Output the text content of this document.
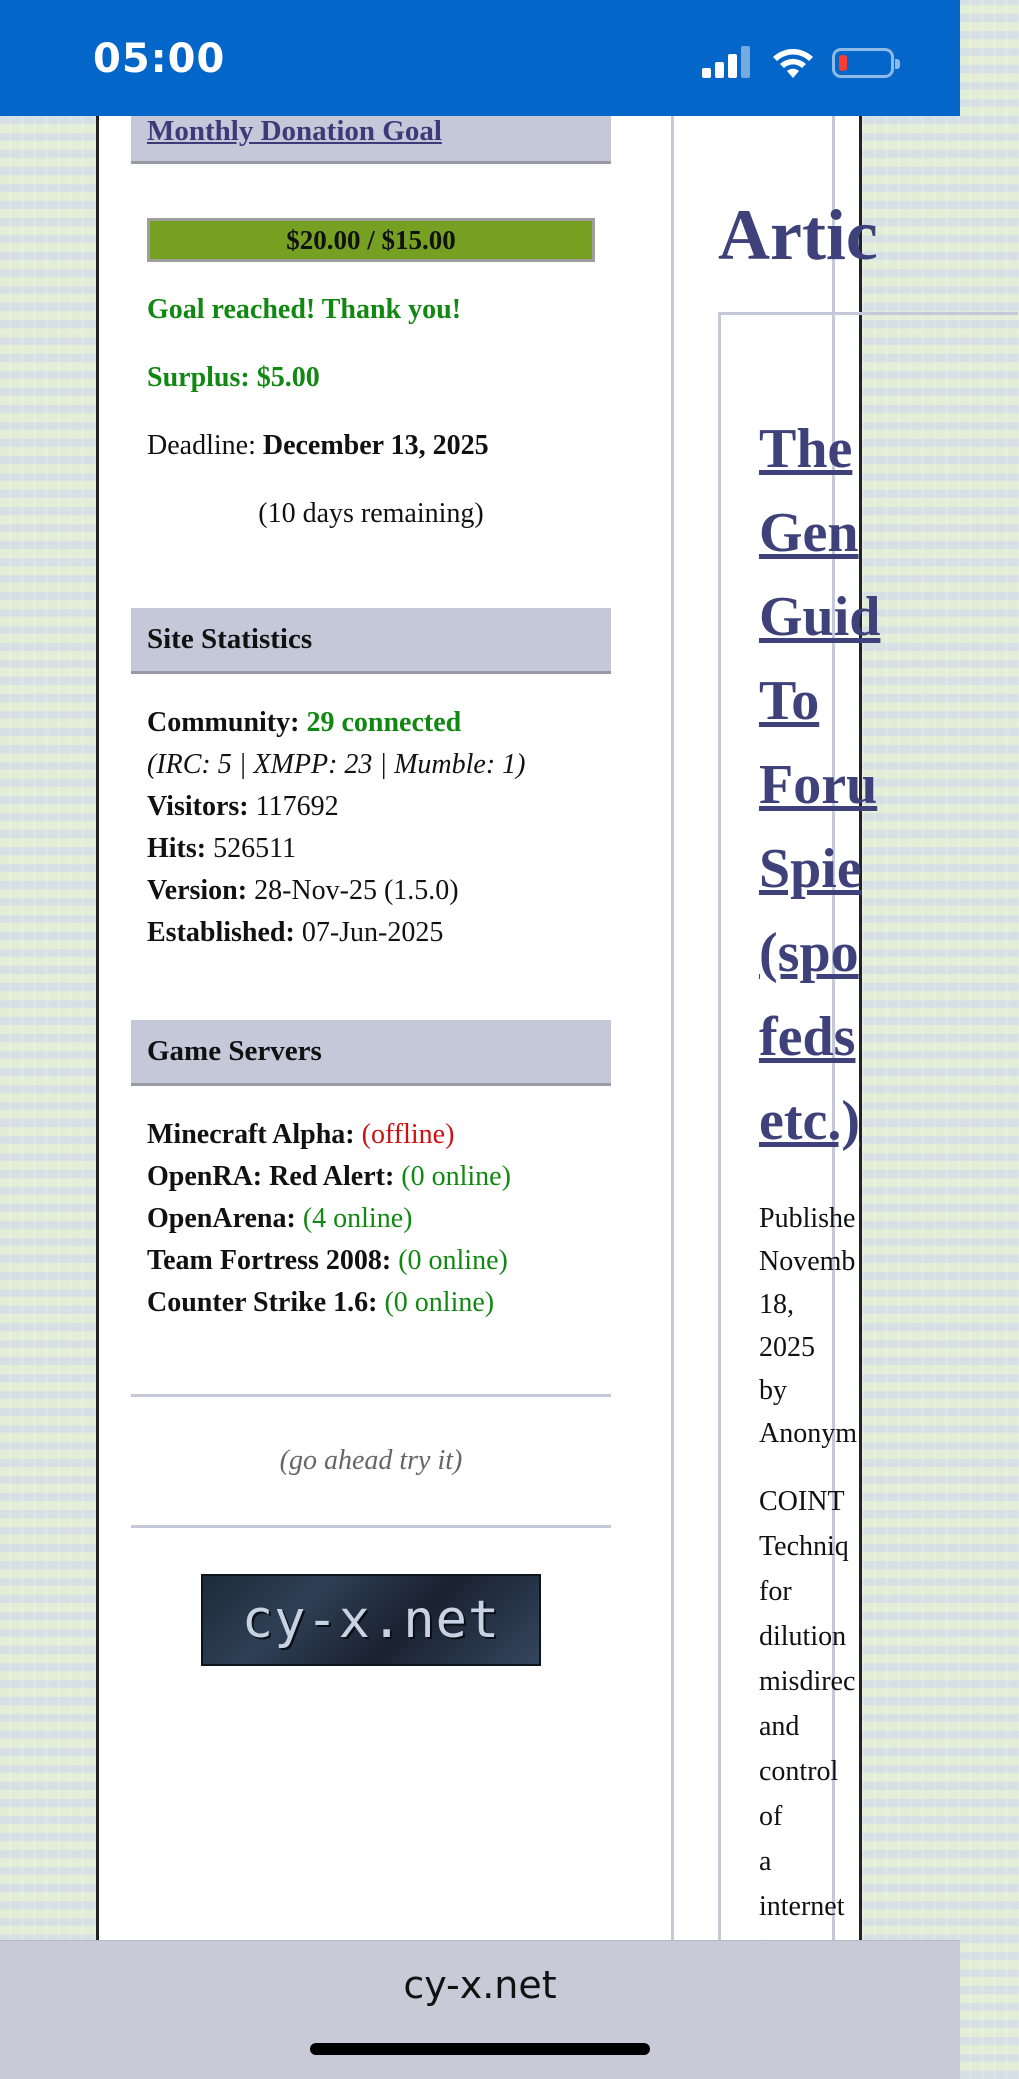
05:00
Monthly Donation Goal
$20.00 / $15.00
Goal reached! Thank you!
Surplus: $5.00
Deadline: December 13, 2025
(10 days remaining)
Site Statistics
Community: 29 connected
(IRC: 5 | XMPP: 23 | Mumble: 1)
Visitors: 117692
Hits: 526511
Version: 28-Nov-25 (1.5.0)
Established: 07-Jun-2025
Game Servers
Minecraft Alpha: (offline)
OpenRA: Red Alert: (0 online)
OpenArena: (4 online)
Team Fortress 2008: (0 online)
Counter Strike 1.6: (0 online)
(go ahead try it)
cy-x.net
Artic
The
Gen
Guid
To
Foru
Spie
(spo
feds
etc.)
Publishe
Novemb
18,
2025
by
Anonym
COINT
Techniq
for
dilution
misdirec
and
control
of
a
internet
cy-x.net
